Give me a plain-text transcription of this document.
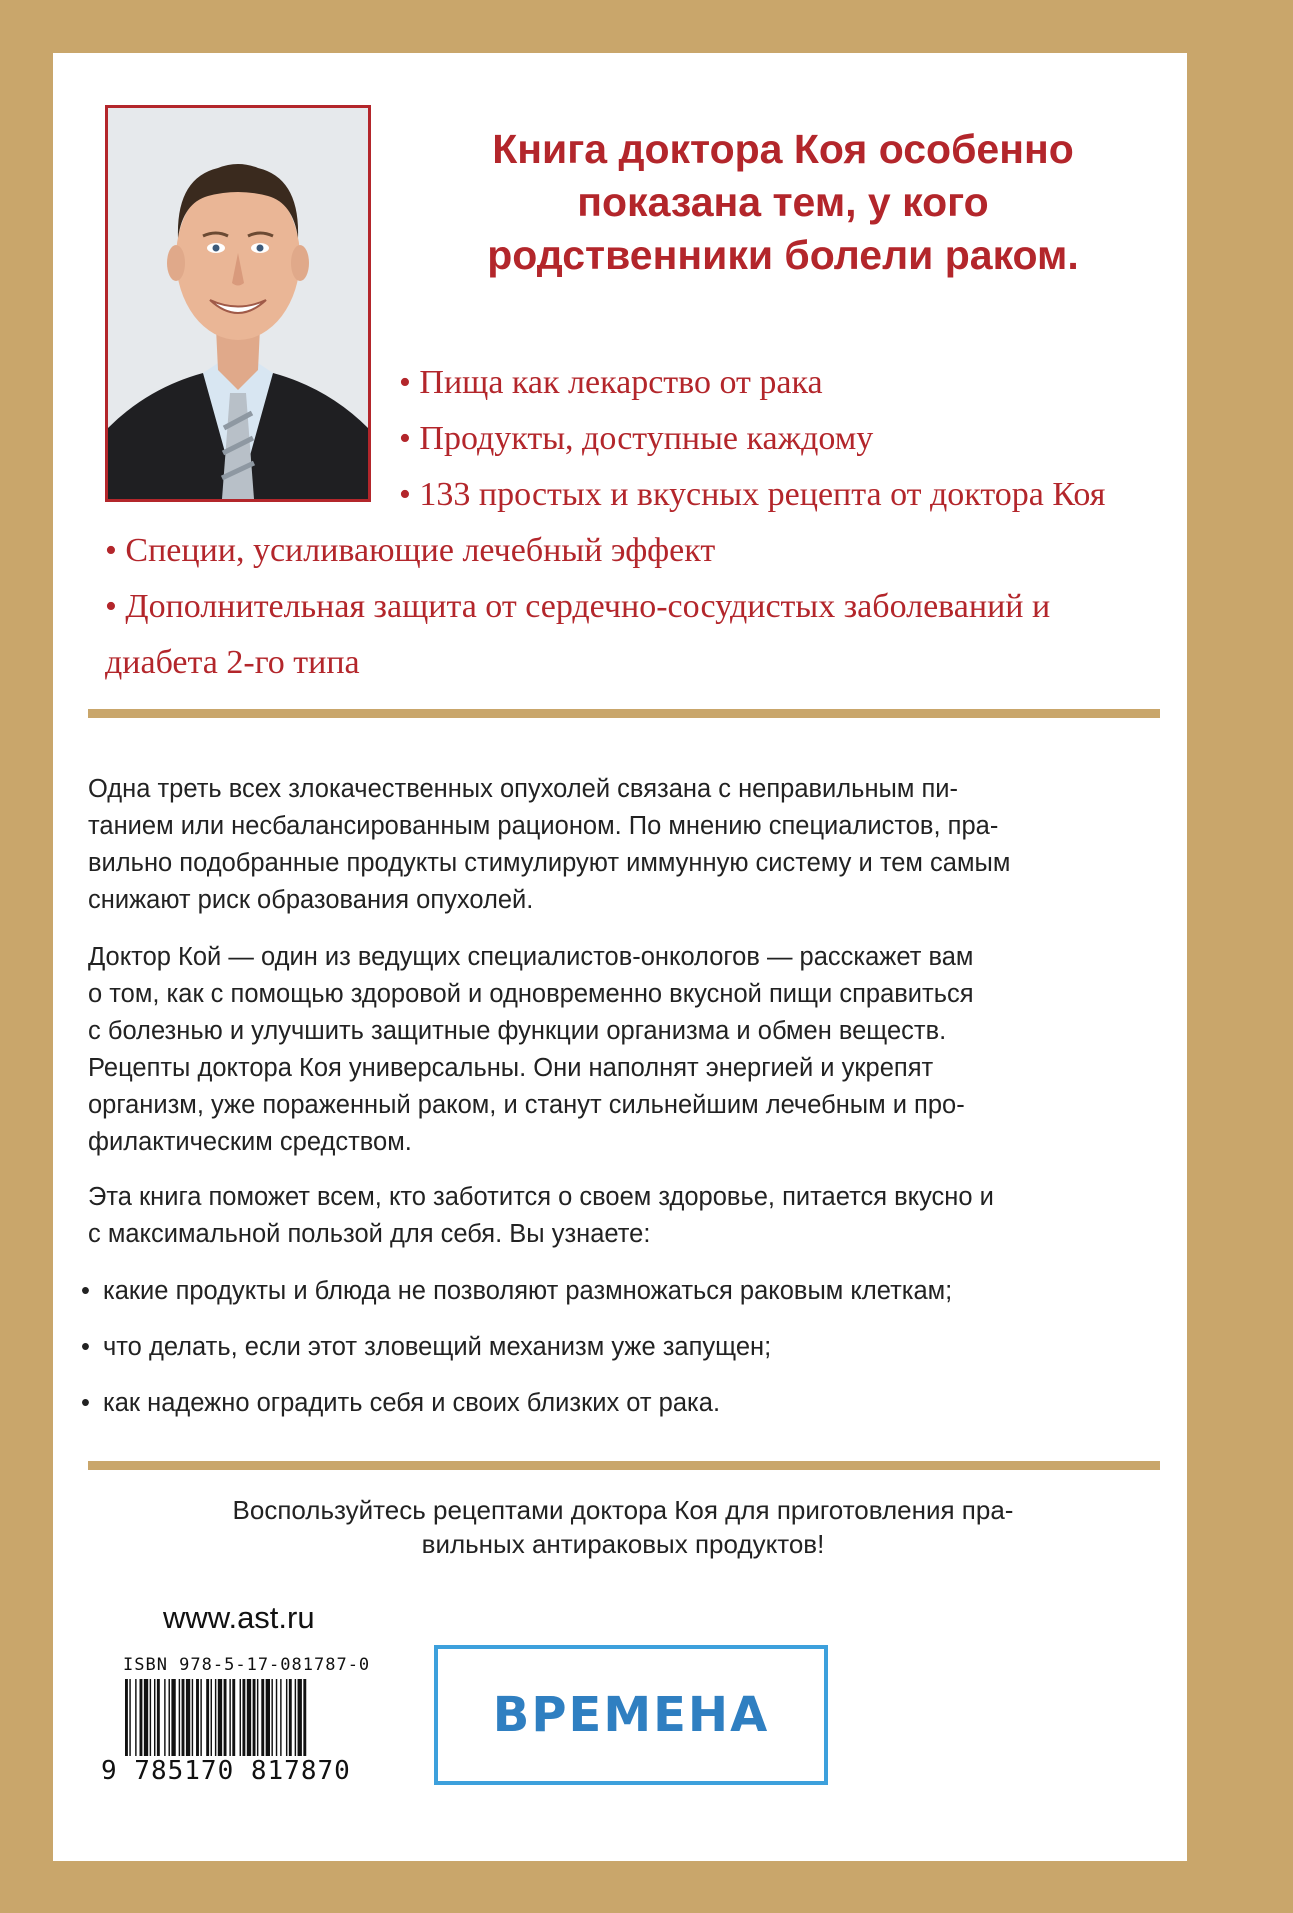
Книга доктора Коя особенно
показана тем, у кого
родственники болели раком.
• Пища как лекарство от рака
• Продукты, доступные каждому
• 133 простых и вкусных рецепта от доктора Коя
• Специи, усиливающие лечебный эффект
• Дополнительная защита от сердечно-сосудистых заболеваний и
диабета 2-го типа
Одна треть всех злокачественных опухолей связана с неправильным пи-
танием или несбалансированным рационом. По мнению специалистов, пра-
вильно подобранные продукты стимулируют иммунную систему и тем самым
снижают риск образования опухолей.
Доктор Кой — один из ведущих специалистов-онкологов — расскажет вам
о том, как с помощью здоровой и одновременно вкусной пищи справиться
с болезнью и улучшить защитные функции организма и обмен веществ.
Рецепты доктора Коя универсальны. Они наполнят энергией и укрепят
организм, уже пораженный раком, и станут сильнейшим лечебным и про-
филактическим средством.
Эта книга поможет всем, кто заботится о своем здоровье, питается вкусно и
с максимальной пользой для себя. Вы узнаете:
• какие продукты и блюда не позволяют размножаться раковым клеткам;
• что делать, если этот зловещий механизм уже запущен;
• как надежно оградить себя и своих близких от рака.
Воспользуйтесь рецептами доктора Коя для приготовления пра-
вильных антираковых продуктов!
www.ast.ru
ISBN 978-5-17-081787-0
9 785170 817870
ВРЕМЕНА
